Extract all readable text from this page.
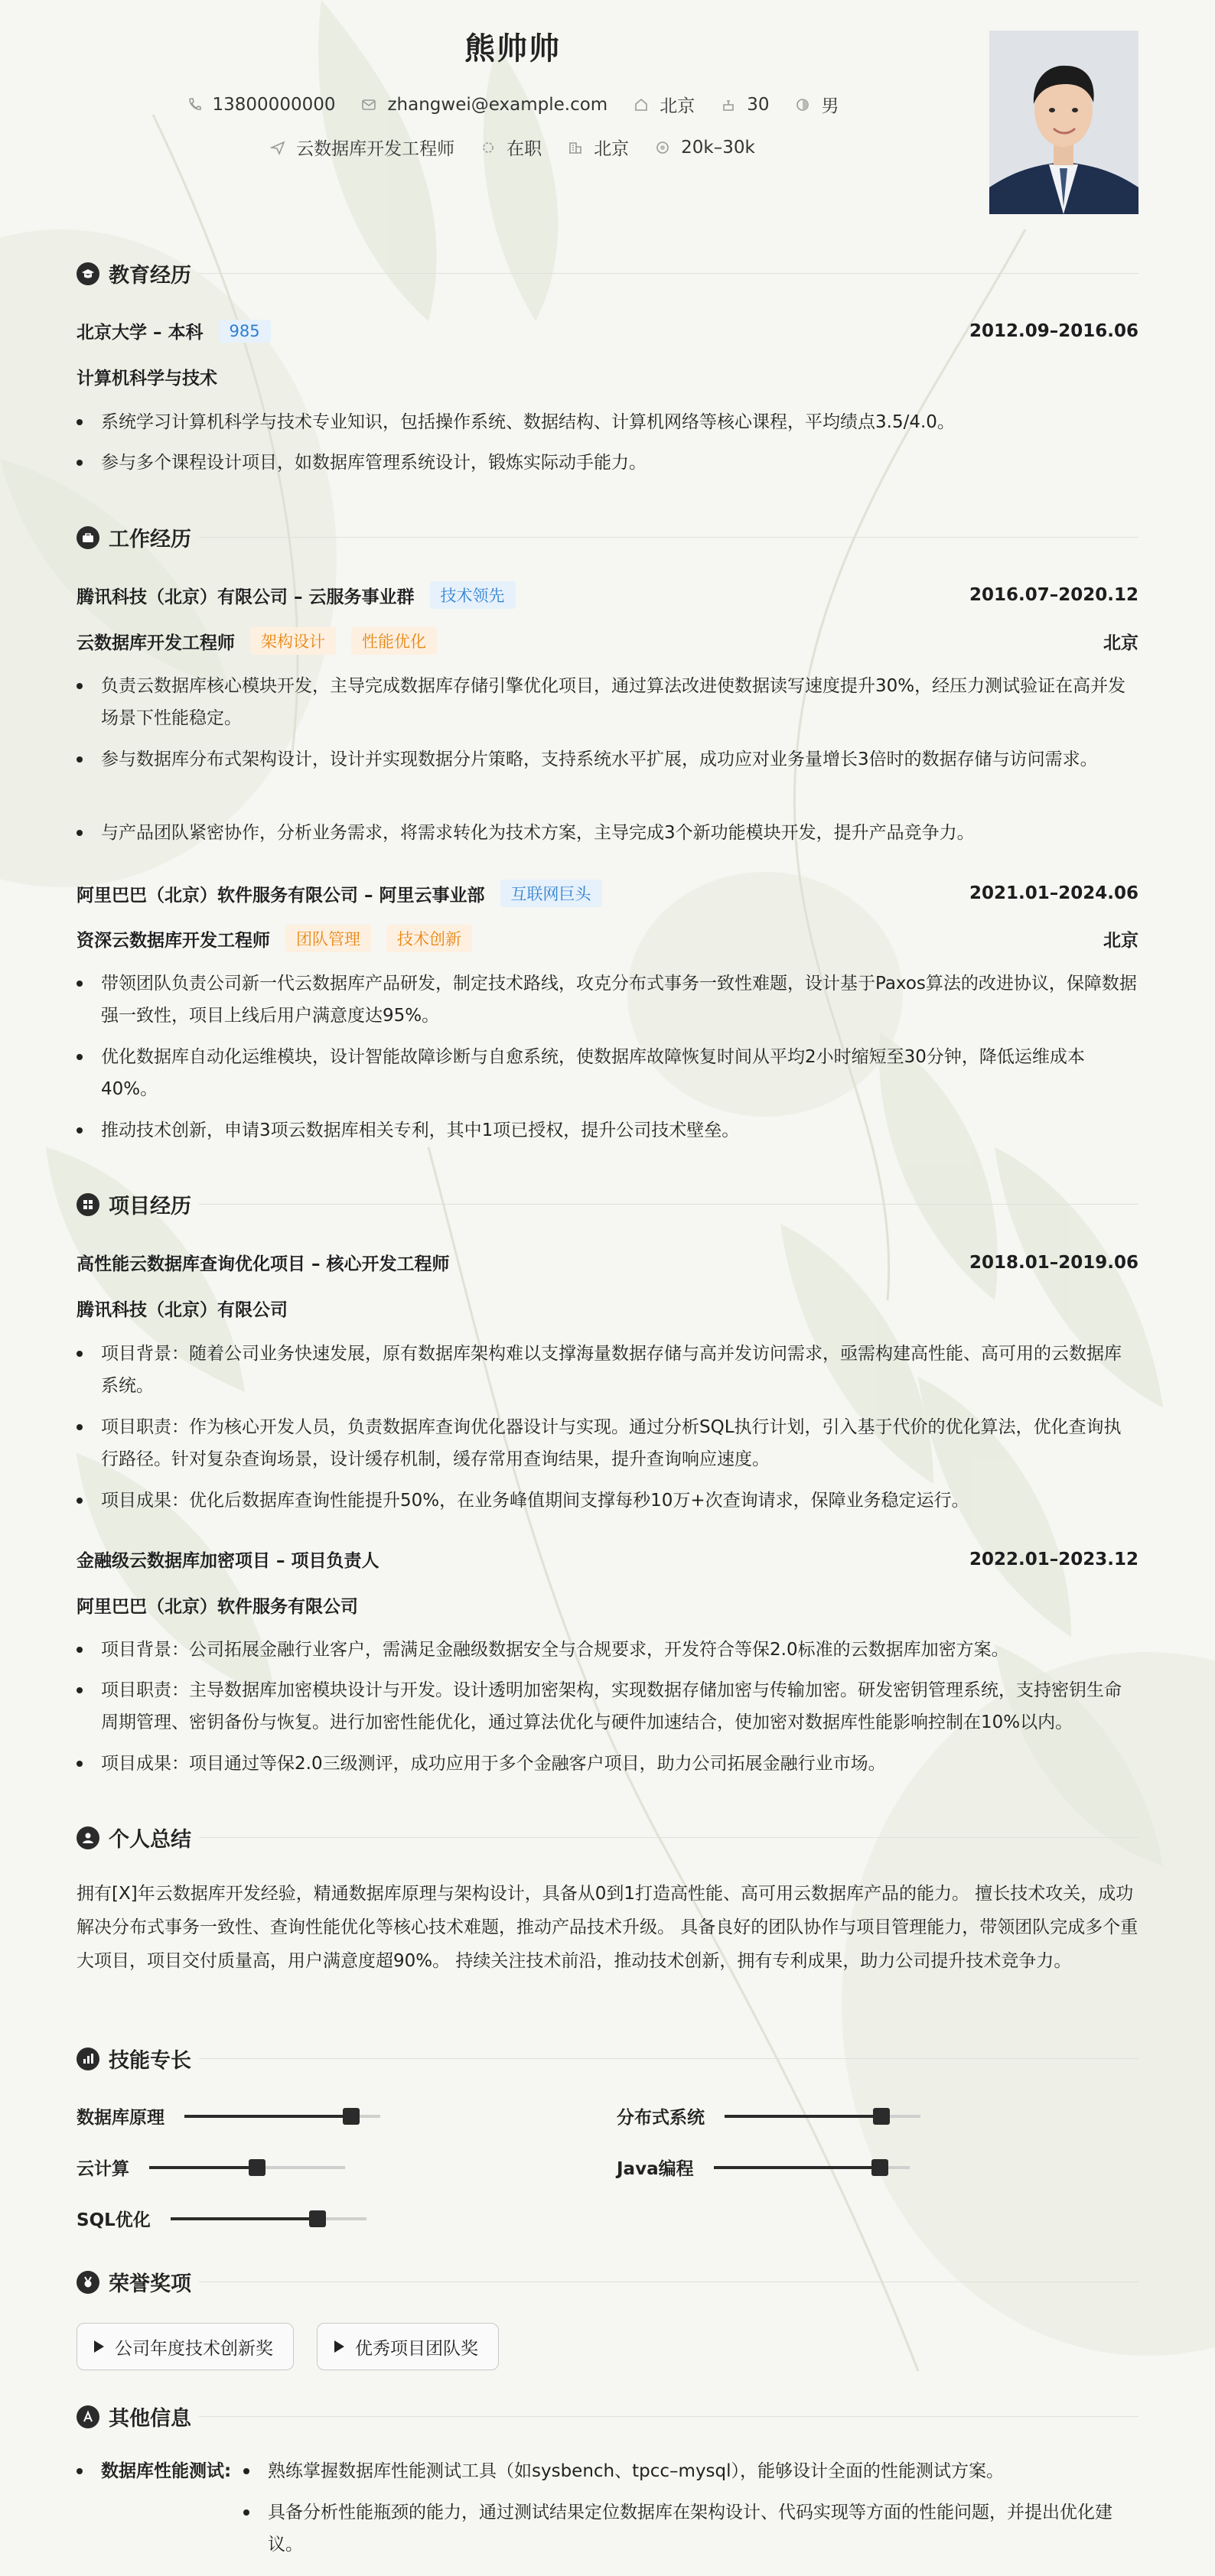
熊帅帅
13800000000	zhangwei@example.com	北京	30	男
云数据库开发工程师	在职	北京	20k–30k
教育经历
北京大学 – 本科	985	2012.09–2016.06
计算机科学与技术
系统学习计算机科学与技术专业知识，包括操作系统、数据结构、计算机网络等核心课程，平均绩点3.5/4.0。
参与多个课程设计项目，如数据库管理系统设计，锻炼实际动手能力。
工作经历
腾讯科技（北京）有限公司 – 云服务事业群	技术领先	2016.07–2020.12
云数据库开发工程师	架构设计	性能优化	北京
负责云数据库核心模块开发，主导完成数据库存储引擎优化项目，通过算法改进使数据读写速度提升30%，经压力测试验证在高并发场景下性能稳定。
参与数据库分布式架构设计，设计并实现数据分片策略，支持系统水平扩展，成功应对业务量增长3倍时的数据存储与访问需求。
与产品团队紧密协作，分析业务需求，将需求转化为技术方案，主导完成3个新功能模块开发，提升产品竞争力。
阿里巴巴（北京）软件服务有限公司 – 阿里云事业部	互联网巨头	2021.01–2024.06
资深云数据库开发工程师	团队管理	技术创新	北京
带领团队负责公司新一代云数据库产品研发，制定技术路线，攻克分布式事务一致性难题，设计基于Paxos算法的改进协议，保障数据强一致性，项目上线后用户满意度达95%。
优化数据库自动化运维模块，设计智能故障诊断与自愈系统，使数据库故障恢复时间从平均2小时缩短至30分钟，降低运维成本40%。
推动技术创新，申请3项云数据库相关专利，其中1项已授权，提升公司技术壁垒。
项目经历
高性能云数据库查询优化项目 – 核心开发工程师	2018.01–2019.06
腾讯科技（北京）有限公司
项目背景：随着公司业务快速发展，原有数据库架构难以支撑海量数据存储与高并发访问需求，亟需构建高性能、高可用的云数据库系统。
项目职责：作为核心开发人员，负责数据库查询优化器设计与实现。通过分析SQL执行计划，引入基于代价的优化算法，优化查询执行路径。针对复杂查询场景，设计缓存机制，缓存常用查询结果，提升查询响应速度。
项目成果：优化后数据库查询性能提升50%，在业务峰值期间支撑每秒10万+次查询请求，保障业务稳定运行。
金融级云数据库加密项目 – 项目负责人	2022.01–2023.12
阿里巴巴（北京）软件服务有限公司
项目背景：公司拓展金融行业客户，需满足金融级数据安全与合规要求，开发符合等保2.0标准的云数据库加密方案。
项目职责：主导数据库加密模块设计与开发。设计透明加密架构，实现数据存储加密与传输加密。研发密钥管理系统，支持密钥生命周期管理、密钥备份与恢复。进行加密性能优化，通过算法优化与硬件加速结合，使加密对数据库性能影响控制在10%以内。
项目成果：项目通过等保2.0三级测评，成功应用于多个金融客户项目，助力公司拓展金融行业市场。
个人总结
拥有[X]年云数据库开发经验，精通数据库原理与架构设计，具备从0到1打造高性能、高可用云数据库产品的能力。 擅长技术攻关，成功解决分布式事务一致性、查询性能优化等核心技术难题，推动产品技术升级。 具备良好的团队协作与项目管理能力，带领团队完成多个重大项目，项目交付质量高，用户满意度超90%。 持续关注技术前沿，推动技术创新，拥有专利成果，助力公司提升技术竞争力。
技能专长
数据库原理	分布式系统
云计算	Java编程
SQL优化
荣誉奖项
公司年度技术创新奖	优秀项目团队奖
其他信息
数据库性能测试:	熟练掌握数据库性能测试工具（如sysbench、tpcc–mysql），能够设计全面的性能测试方案。
具备分析性能瓶颈的能力，通过测试结果定位数据库在架构设计、代码实现等方面的性能问题，并提出优化建议。
